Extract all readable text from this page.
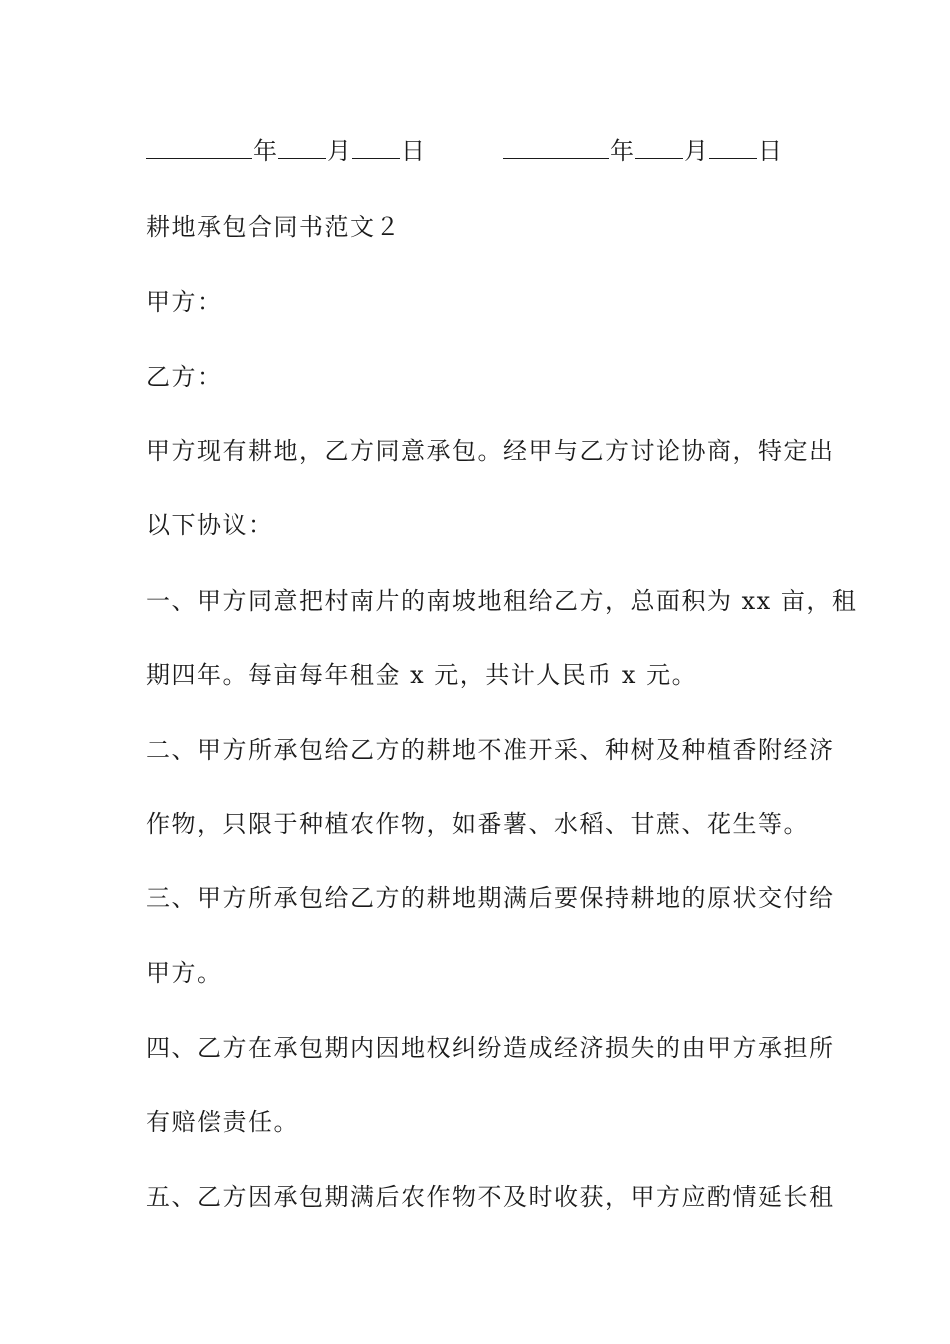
年 月 日	年 月 日
耕地承包合同书范文２
甲方：
乙方：
甲方现有耕地，乙方同意承包。经甲与乙方讨论协商，特定出
以下协议：
一、甲方同意把村南片的南坡地租给乙方，总面积为 xx 亩，租
期四年。每亩每年租金 x 元，共计人民币 x 元。
二、甲方所承包给乙方的耕地不准开采、种树及种植香附经济
作物，只限于种植农作物，如番薯、水稻、甘蔗、花生等。
三、甲方所承包给乙方的耕地期满后要保持耕地的原状交付给
甲方。
四、乙方在承包期内因地权纠纷造成经济损失的由甲方承担所
有赔偿责任。
五、乙方因承包期满后农作物不及时收获，甲方应酌情延长租
